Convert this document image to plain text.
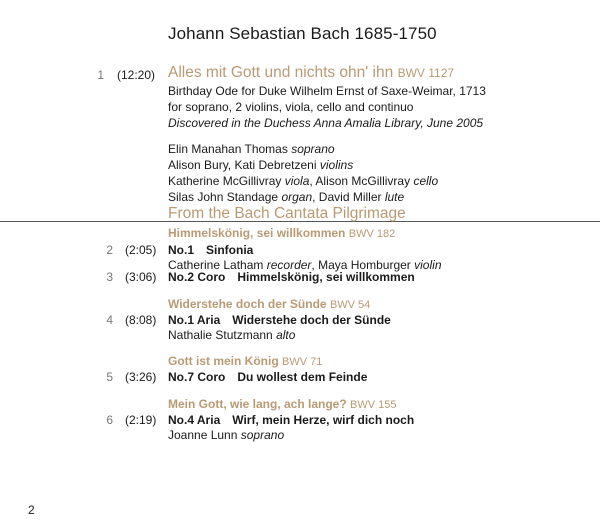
Johann Sebastian Bach 1685-1750
1 (12:20) Alles mit Gott und nichts ohn' ihn BWV 1127
Birthday Ode for Duke Wilhelm Ernst of Saxe-Weimar, 1713
for soprano, 2 violins, viola, cello and continuo
Discovered in the Duchess Anna Amalia Library, June 2005
Elin Manahan Thomas soprano
Alison Bury, Kati Debretzeni violins
Katherine McGillivray viola, Alison McGillivray cello
Silas John Standage organ, David Miller lute
From the Bach Cantata Pilgrimage
Himmelskönig, sei willkommen BWV 182
2 (2:05) No.1 Sinfonia
Catherine Latham recorder, Maya Homburger violin
3 (3:06) No.2 Coro Himmelskönig, sei willkommen
Widerstehe doch der Sünde BWV 54
4 (8:08) No.1 Aria Widerstehe doch der Sünde
Nathalie Stutzmann alto
Gott ist mein König BWV 71
5 (3:26) No.7 Coro Du wollest dem Feinde
Mein Gott, wie lang, ach lange? BWV 155
6 (2:19) No.4 Aria Wirf, mein Herze, wirf dich noch
Joanne Lunn soprano
2
